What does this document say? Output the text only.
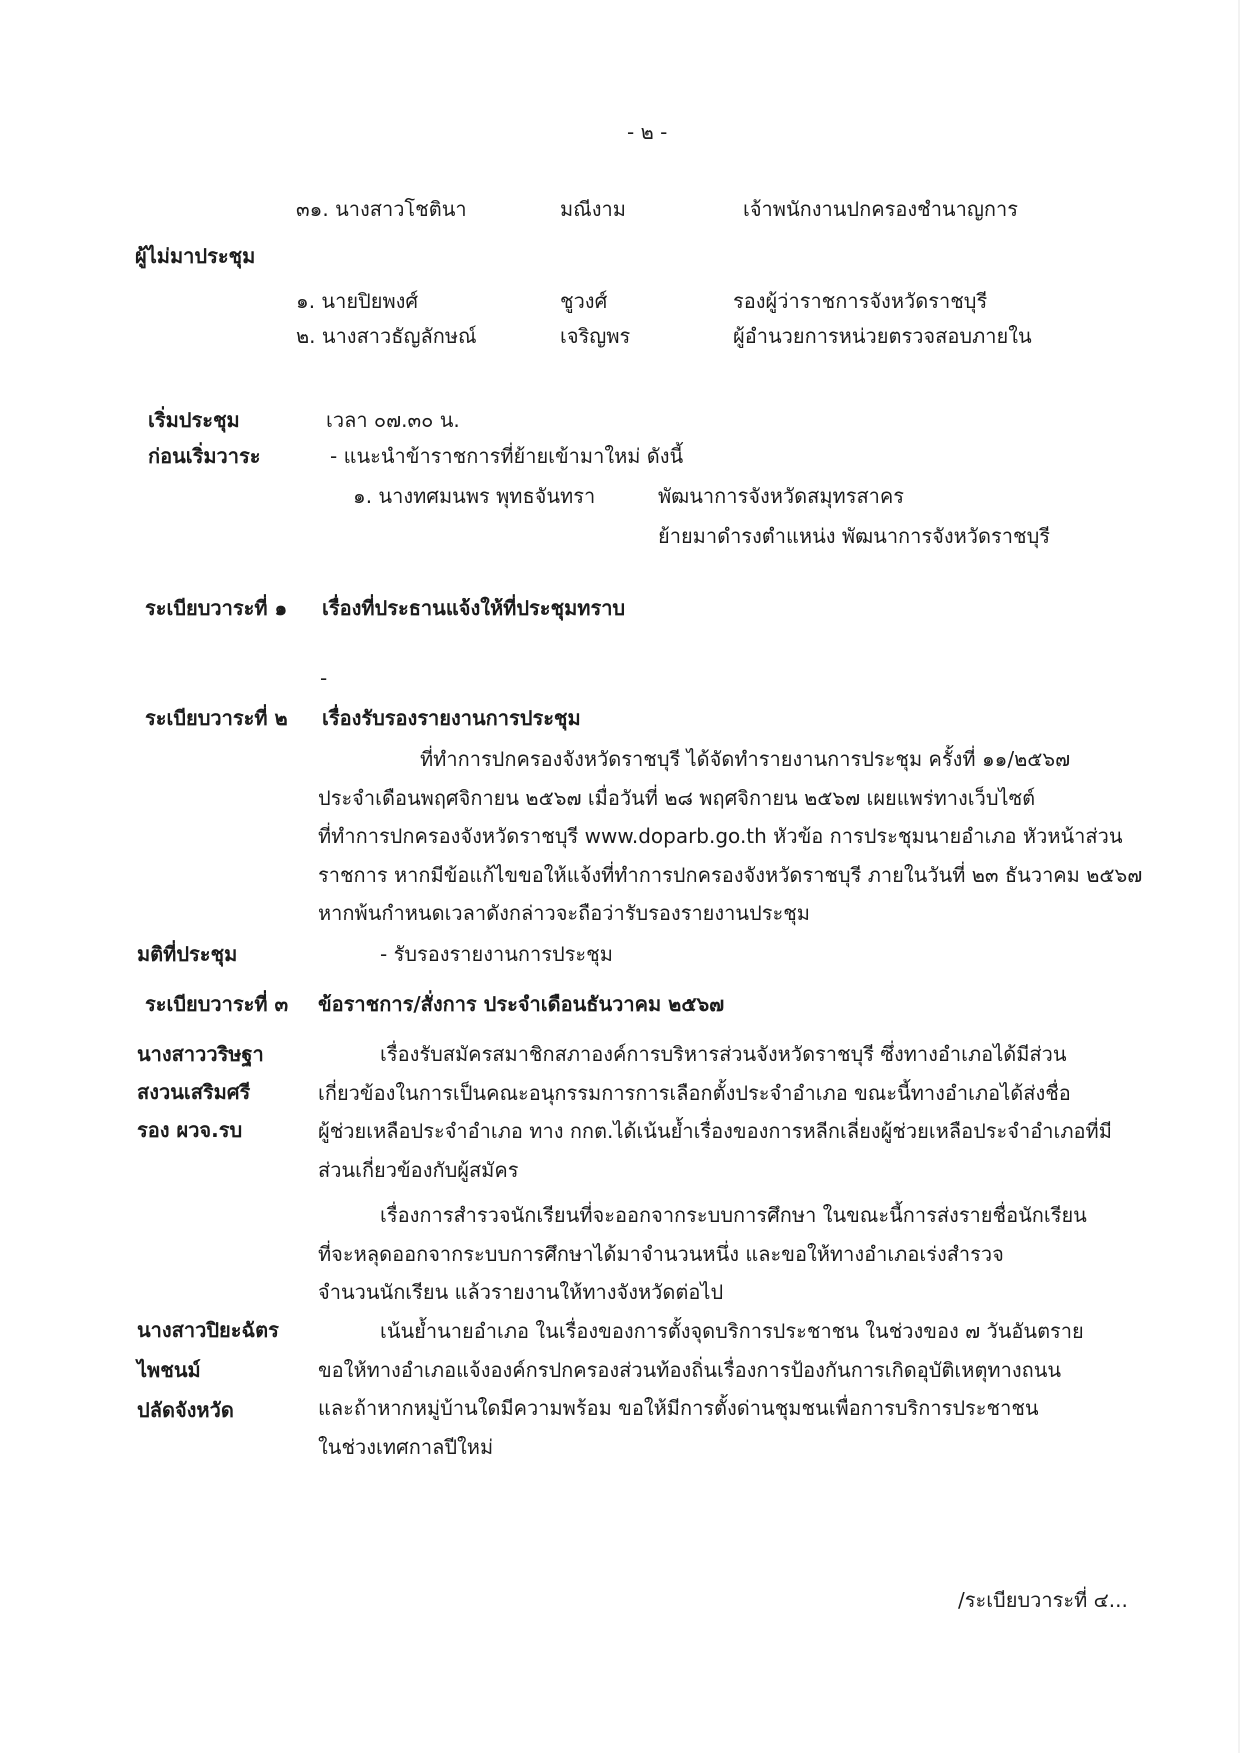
- ๒ -
๓๑. นางสาวโชตินา	มณีงาม	เจ้าพนักงานปกครองชำนาญการ
ผู้ไม่มาประชุม
๑. นายปิยพงศ์	ชูวงศ์	รองผู้ว่าราชการจังหวัดราชบุรี
๒. นางสาวธัญลักษณ์	เจริญพร	ผู้อำนวยการหน่วยตรวจสอบภายใน
เริ่มประชุม	เวลา ๐๗.๓๐ น.
ก่อนเริ่มวาระ	- แนะนำข้าราชการที่ย้ายเข้ามาใหม่ ดังนี้
๑. นางทศมนพร พุทธจันทรา	พัฒนาการจังหวัดสมุทรสาคร
ย้ายมาดำรงตำแหน่ง พัฒนาการจังหวัดราชบุรี
ระเบียบวาระที่ ๑ เรื่องที่ประธานแจ้งให้ที่ประชุมทราบ
-
ระเบียบวาระที่ ๒ เรื่องรับรองรายงานการประชุม
ที่ทำการปกครองจังหวัดราชบุรี ได้จัดทำรายงานการประชุม ครั้งที่ ๑๑/๒๕๖๗
ประจำเดือนพฤศจิกายน ๒๕๖๗ เมื่อวันที่ ๒๘ พฤศจิกายน ๒๕๖๗ เผยแพร่ทางเว็บไซต์
ที่ทำการปกครองจังหวัดราชบุรี www.doparb.go.th หัวข้อ การประชุมนายอำเภอ หัวหน้าส่วน
ราชการ หากมีข้อแก้ไขขอให้แจ้งที่ทำการปกครองจังหวัดราชบุรี ภายในวันที่ ๒๓ ธันวาคม ๒๕๖๗
หากพ้นกำหนดเวลาดังกล่าวจะถือว่ารับรองรายงานประชุม
มติที่ประชุม	- รับรองรายงานการประชุม
ระเบียบวาระที่ ๓ ข้อราชการ/สั่งการ ประจำเดือนธันวาคม ๒๕๖๗
นางสาววริษฐา
สงวนเสริมศรี
รอง ผวจ.รบ
เรื่องรับสมัครสมาชิกสภาองค์การบริหารส่วนจังหวัดราชบุรี ซึ่งทางอำเภอได้มีส่วน
เกี่ยวข้องในการเป็นคณะอนุกรรมการการเลือกตั้งประจำอำเภอ ขณะนี้ทางอำเภอได้ส่งชื่อ
ผู้ช่วยเหลือประจำอำเภอ ทาง กกต.ได้เน้นย้ำเรื่องของการหลีกเลี่ยงผู้ช่วยเหลือประจำอำเภอที่มี
ส่วนเกี่ยวข้องกับผู้สมัคร
เรื่องการสำรวจนักเรียนที่จะออกจากระบบการศึกษา ในขณะนี้การส่งรายชื่อนักเรียน
ที่จะหลุดออกจากระบบการศึกษาได้มาจำนวนหนึ่ง และขอให้ทางอำเภอเร่งสำรวจ
จำนวนนักเรียน แล้วรายงานให้ทางจังหวัดต่อไป
นางสาวปิยะฉัตร
ไพชนม์
ปลัดจังหวัด
เน้นย้ำนายอำเภอ ในเรื่องของการตั้งจุดบริการประชาชน ในช่วงของ ๗ วันอันตราย
ขอให้ทางอำเภอแจ้งองค์กรปกครองส่วนท้องถิ่นเรื่องการป้องกันการเกิดอุบัติเหตุทางถนน
และถ้าหากหมู่บ้านใดมีความพร้อม ขอให้มีการตั้งด่านชุมชนเพื่อการบริการประชาชน
ในช่วงเทศกาลปีใหม่
/ระเบียบวาระที่ ๔...
